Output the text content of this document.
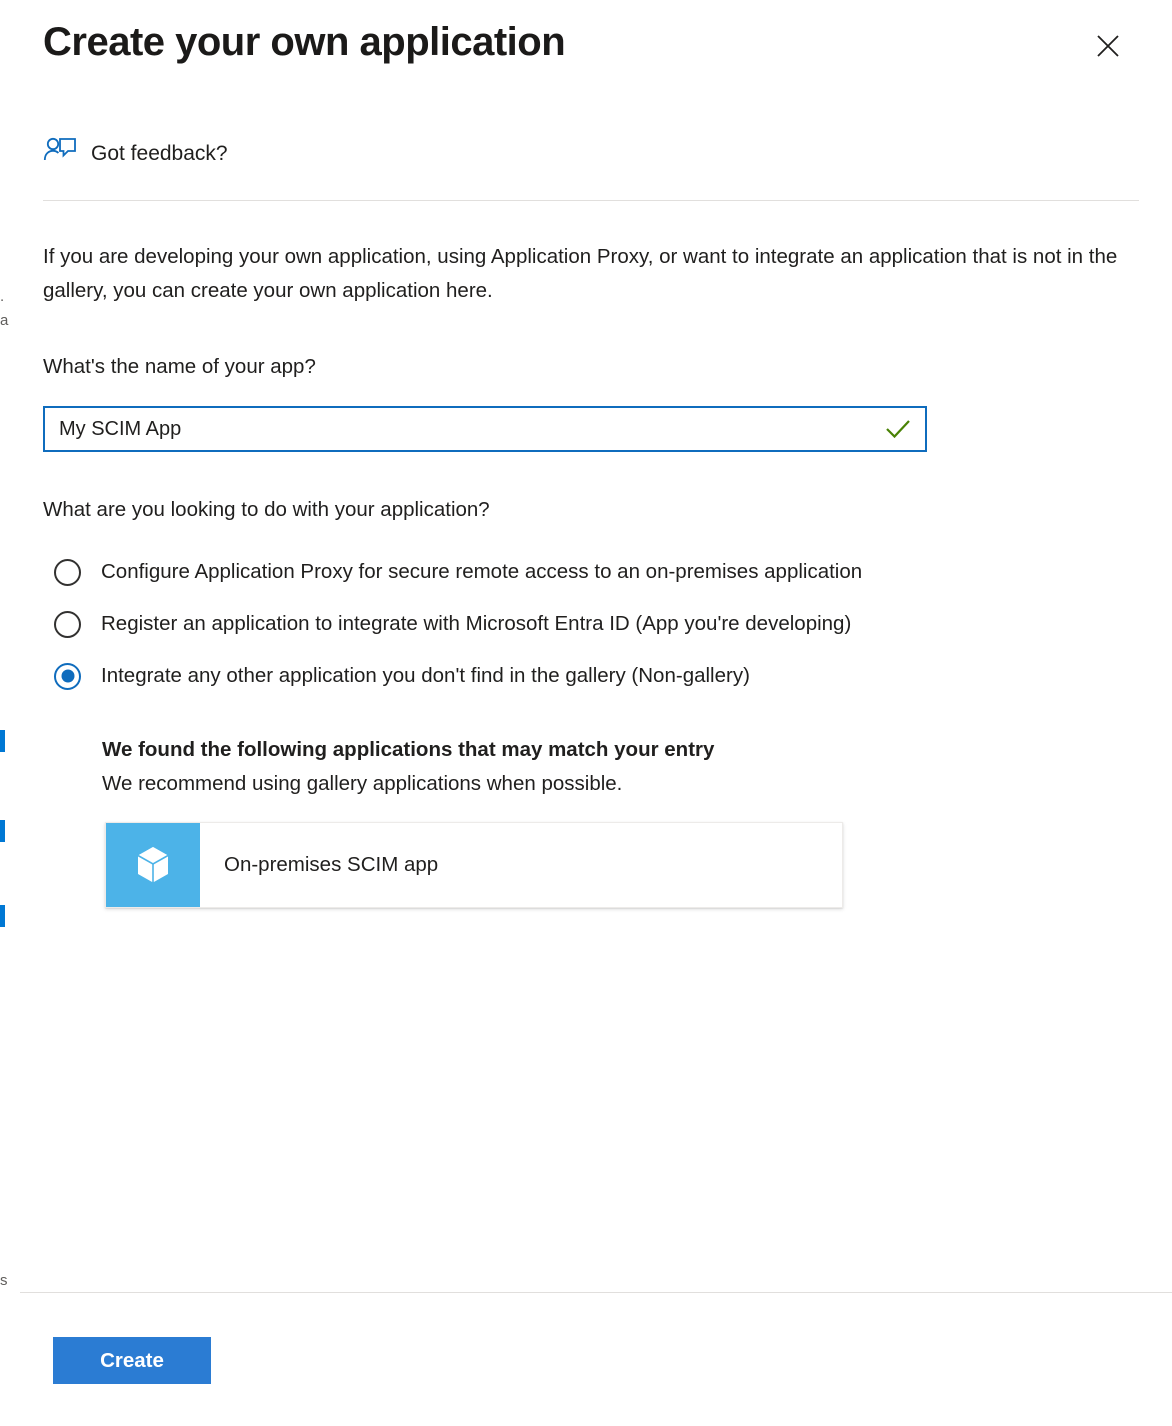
.
a
s
Create your own application
Got feedback?
If you are developing your own application, using Application Proxy, or want to integrate an application that is not in the gallery, you can create your own application here.
What's the name of your app?
My SCIM App
What are you looking to do with your application?
Configure Application Proxy for secure remote access to an on-premises application
Register an application to integrate with Microsoft Entra ID (App you're developing)
Integrate any other application you don't find in the gallery (Non-gallery)
We found the following applications that may match your entry
We recommend using gallery applications when possible.
On-premises SCIM app
Create
